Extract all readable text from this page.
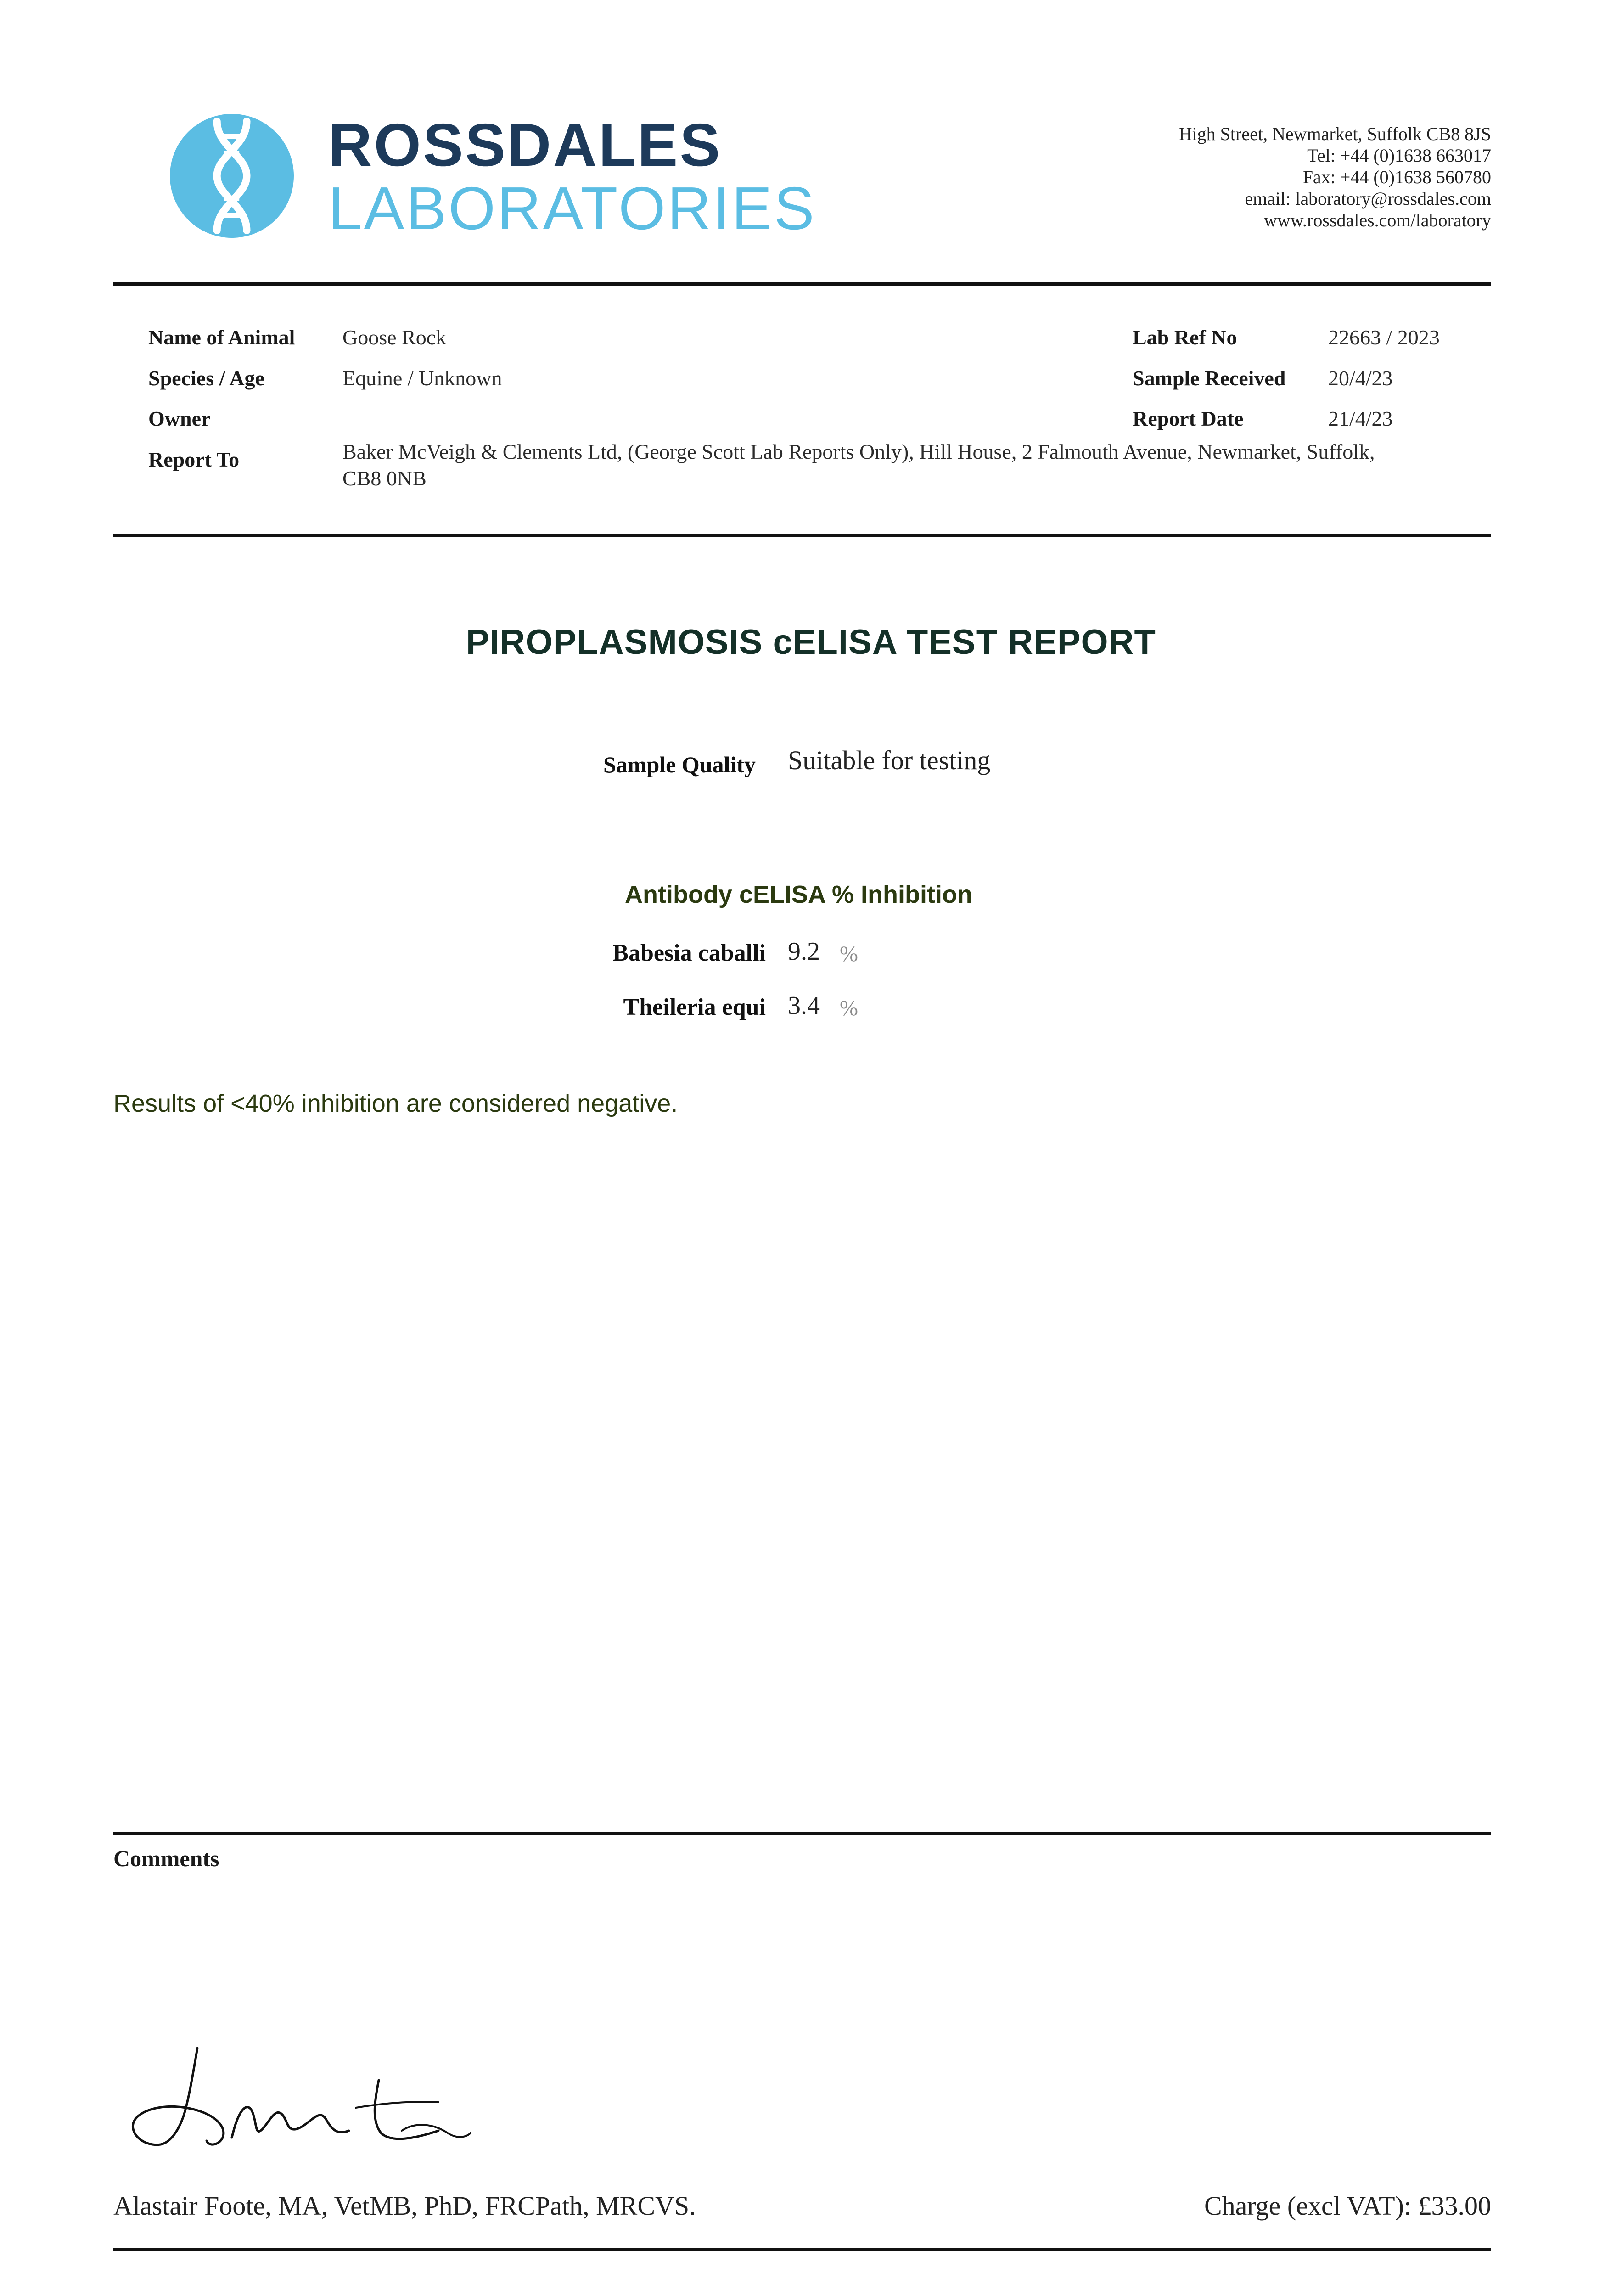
ROSSDALES
LABORATORIES
High Street, Newmarket, Suffolk CB8 8JS
Tel: +44 (0)1638 663017
Fax: +44 (0)1638 560780
email: laboratory@rossdales.com
www.rossdales.com/laboratory
Name of Animal Goose Rock
Species / Age	Equine / Unknown
Owner
Report To	Baker McVeigh & Clements Ltd, (George Scott Lab Reports Only), Hill House, 2 Falmouth Avenue, Newmarket, Suffolk,
CB8 0NB
Lab Ref No	22663 / 2023
Sample Received 20/4/23
Report Date	21/4/23
PIROPLASMOSIS cELISA TEST REPORT
Sample Quality Suitable for testing
Antibody cELISA % Inhibition
Babesia caballi 9.2 %
Theileria equi 3.4 %
Results of <40% inhibition are considered negative.
Comments
Alastair Foote, MA, VetMB, PhD, FRCPath, MRCVS.	Charge (excl VAT): £33.00
